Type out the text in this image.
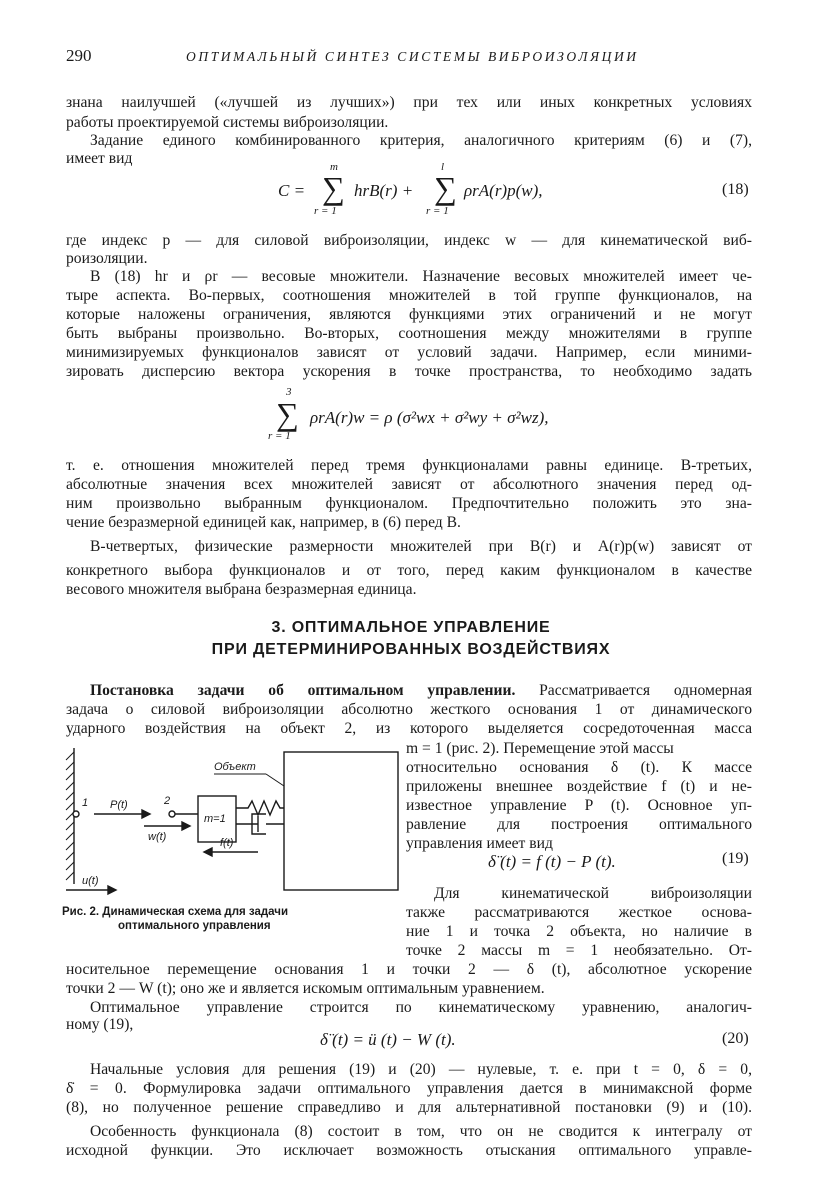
290	ОПТИМАЛЬНЫЙ СИНТЕЗ СИСТЕМЫ ВИБРОИЗОЛЯЦИИ
знана наилучшей («лучшей из лучших») при тех или иных конкретных условиях
работы проектируемой системы виброизоляции.
Задание единого комбинированного критерия, аналогичного критериям (6) и (7),
имеет вид
C =
m
∑
r = 1
hrB(r) +
l
∑
r = 1
ρrA(r)p(w),	(18)
где индекс p — для силовой виброизоляции, индекс w — для кинематической виб-
роизоляции.
В (18) hr и ρr — весовые множители. Назначение весовых множителей имеет че-
тыре аспекта. Во-первых, соотношения множителей в той группе функционалов, на
которые наложены ограничения, являются функциями этих ограничений и не могут
быть выбраны произвольно. Во-вторых, соотношения между множителями в группе
минимизируемых функционалов зависят от условий задачи. Например, если миними-
зировать дисперсию вектора ускорения в точке пространства, то необходимо задать
3
∑
r = 1
ρrA(r)w = ρ (σ²wx + σ²wy + σ²wz),
т. е. отношения множителей перед тремя функционалами равны единице. В-третьих,
абсолютные значения всех множителей зависят от абсолютного значения перед од-
ним произвольно выбранным функционалом. Предпочтительно положить это зна-
чение безразмерной единицей как, например, в (6) перед B.
В-четвертых, физические размерности множителей при B(r) и A(r)p(w) зависят от
конкретного выбора функционалов и от того, перед каким функционалом в качестве
весового множителя выбрана безразмерная единица.
3. ОПТИМАЛЬНОЕ УПРАВЛЕНИЕ
ПРИ ДЕТЕРМИНИРОВАННЫХ ВОЗДЕЙСТВИЯХ
Постановка задачи об оптимальном управлении. Рассматривается одномерная
задача о силовой виброизоляции абсолютно жесткого основания 1 от динамического
ударного воздействия на объект 2, из которого выделяется сосредоточенная масса
m = 1 (рис. 2). Перемещение этой массы
относительно основания δ (t). К массе
приложены внешнее воздействие f (t) и не-
известное управление P (t). Основное уп-
равление для построения оптимального
управления имеет вид
δ̈ (t) = f (t) − P (t).	(19)
Для кинематической виброизоляции
также рассматриваются жесткое основа-
ние 1 и точка 2 объекта, но наличие в
точке 2 массы m = 1 необязательно. От-
Объект
1	2
m=1
P(t)
w(t)	f(t)
u(t)
Рис. 2. Динамическая схема для задачи
оптимального управления
носительное перемещение основания 1 и точки 2 — δ (t), абсолютное ускорение
точки 2 — W (t); оно же и является искомым оптимальным уравнением.
Оптимальное управление строится по кинематическому уравнению, аналогич-
ному (19),
δ̈ (t) = ü (t) − W (t).	(20)
Начальные условия для решения (19) и (20) — нулевые, т. е. при t = 0, δ = 0,
δ̇ = 0. Формулировка задачи оптимального управления дается в минимаксной форме
(8), но полученное решение справедливо и для альтернативной постановки (9) и (10).
Особенность функционала (8) состоит в том, что он не сводится к интегралу от
исходной функции. Это исключает возможность отыскания оптимального управле-
